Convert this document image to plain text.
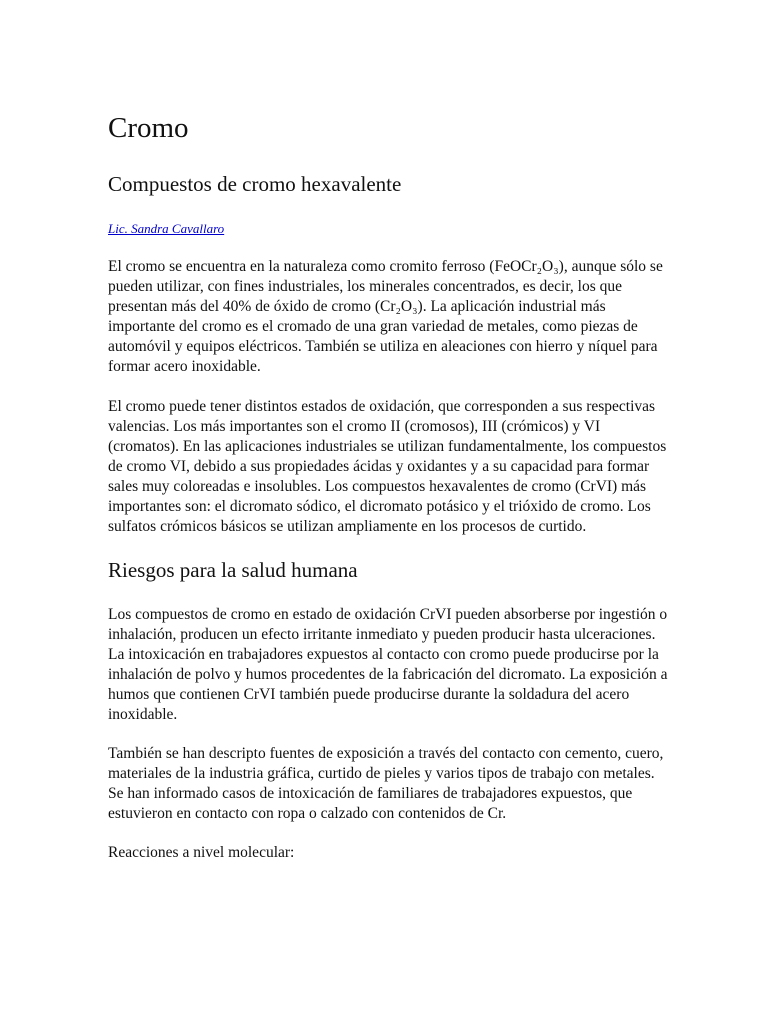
Cromo
Compuestos de cromo hexavalente
Lic. Sandra Cavallaro

El cromo se encuentra en la naturaleza como cromito ferroso (FeOCr₂O₃), aunque sólo se pueden utilizar, con fines industriales, los minerales concentrados, es decir, los que presentan más del 40% de óxido de cromo (Cr₂O₃). La aplicación industrial más importante del cromo es el cromado de una gran variedad de metales, como piezas de automóvil y equipos eléctricos. También se utiliza en aleaciones con hierro y níquel para formar acero inoxidable.

El cromo puede tener distintos estados de oxidación, que corresponden a sus respectivas valencias. Los más importantes son el cromo II (cromosos), III (crómicos) y VI (cromatos). En las aplicaciones industriales se utilizan fundamentalmente, los compuestos de cromo VI, debido a sus propiedades ácidas y oxidantes y a su capacidad para formar sales muy coloreadas e insolubles. Los compuestos hexavalentes de cromo (CrVI) más importantes son: el dicromato sódico, el dicromato potásico y el trióxido de cromo. Los sulfatos crómicos básicos se utilizan ampliamente en los procesos de curtido.

Riesgos para la salud humana

Los compuestos de cromo en estado de oxidación CrVI pueden absorberse por ingestión o inhalación, producen un efecto irritante inmediato y pueden producir hasta ulceraciones. La intoxicación en trabajadores expuestos al contacto con cromo puede producirse por la inhalación de polvo y humos procedentes de la fabricación del dicromato. La exposición a humos que contienen CrVI también puede producirse durante la soldadura del acero inoxidable.

También se han descripto fuentes de exposición a través del contacto con cemento, cuero, materiales de la industria gráfica, curtido de pieles y varios tipos de trabajo con metales. Se han informado casos de intoxicación de familiares de trabajadores expuestos, que estuvieron en contacto con ropa o calzado con contenidos de Cr.

Reacciones a nivel molecular:
